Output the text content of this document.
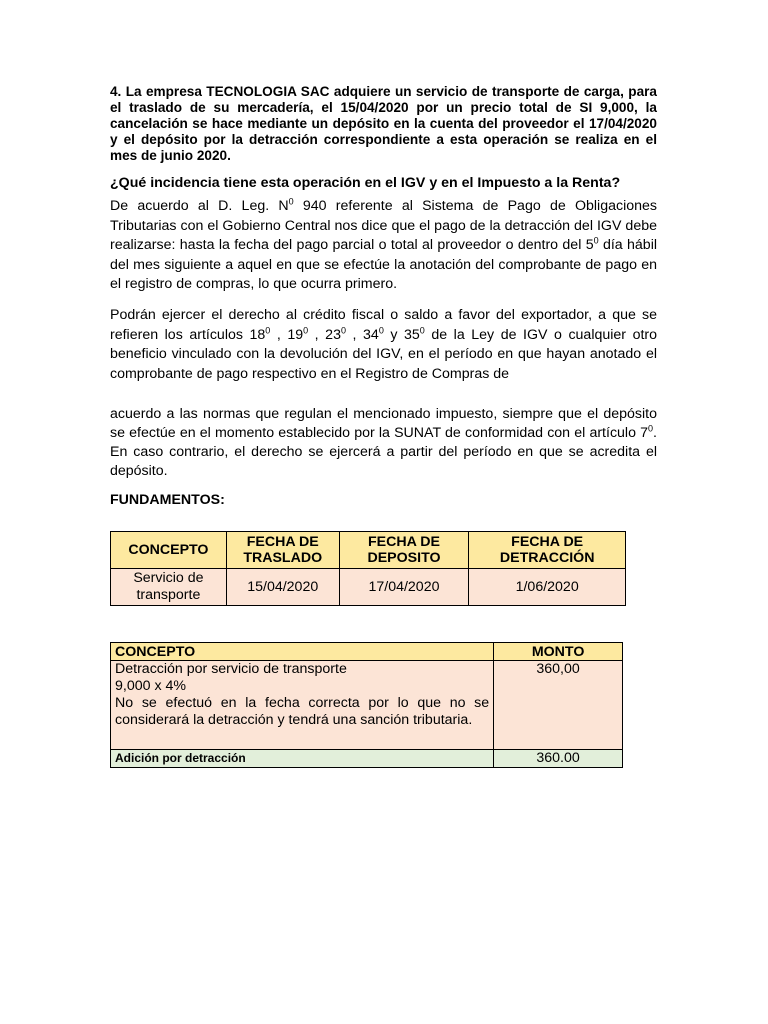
4. La empresa TECNOLOGIA SAC adquiere un servicio de transporte de carga, para el traslado de su mercadería, el 15/04/2020 por un precio total de SI 9,000, la cancelación se hace mediante un depósito en la cuenta del proveedor el 17/04/2020 y el depósito por la detracción correspondiente a esta operación se realiza en el mes de junio 2020.

¿Qué incidencia tiene esta operación en el IGV y en el Impuesto a la Renta?

De acuerdo al D. Leg. $N^0$ 940 referente al Sistema de Pago de Obligaciones Tributarias con el Gobierno Central nos dice que el pago de la detracción del IGV debe realizarse: hasta la fecha del pago parcial o total al proveedor o dentro del $5^0$ día hábil del mes siguiente a aquel en que se efectúe la anotación del comprobante de pago en el registro de compras, lo que ocurra primero.

Podrán ejercer el derecho al crédito fiscal o saldo a favor del exportador, a que se refieren los artículos $18^0$ , $19^0$ , $23^0$ , $34^0$ y $35^0$ de la Ley de IGV o cualquier otro beneficio vinculado con la devolución del IGV, en el período en que hayan anotado el comprobante de pago respectivo en el Registro de Compras de

acuerdo a las normas que regulan el mencionado impuesto, siempre que el depósito se efectúe en el momento establecido por la SUNAT de conformidad con el artículo $7^0$. En caso contrario, el derecho se ejercerá a partir del período en que se acredita el depósito.

FUNDAMENTOS:

CONCEPTO	FECHA DE TRASLADO	FECHA DE DEPOSITO	FECHA DE DETRACCIÓN
Servicio de transporte	15/04/2020	17/04/2020	1/06/2020
CONCEPTO	MONTO

Detracción por servicio de transporte
9,000 x 4%
No se efectuó en la fecha correcta por lo que no se considerará la detracción y tendrá una sanción tributaria.	360,00
Adición por detracción	360.00
